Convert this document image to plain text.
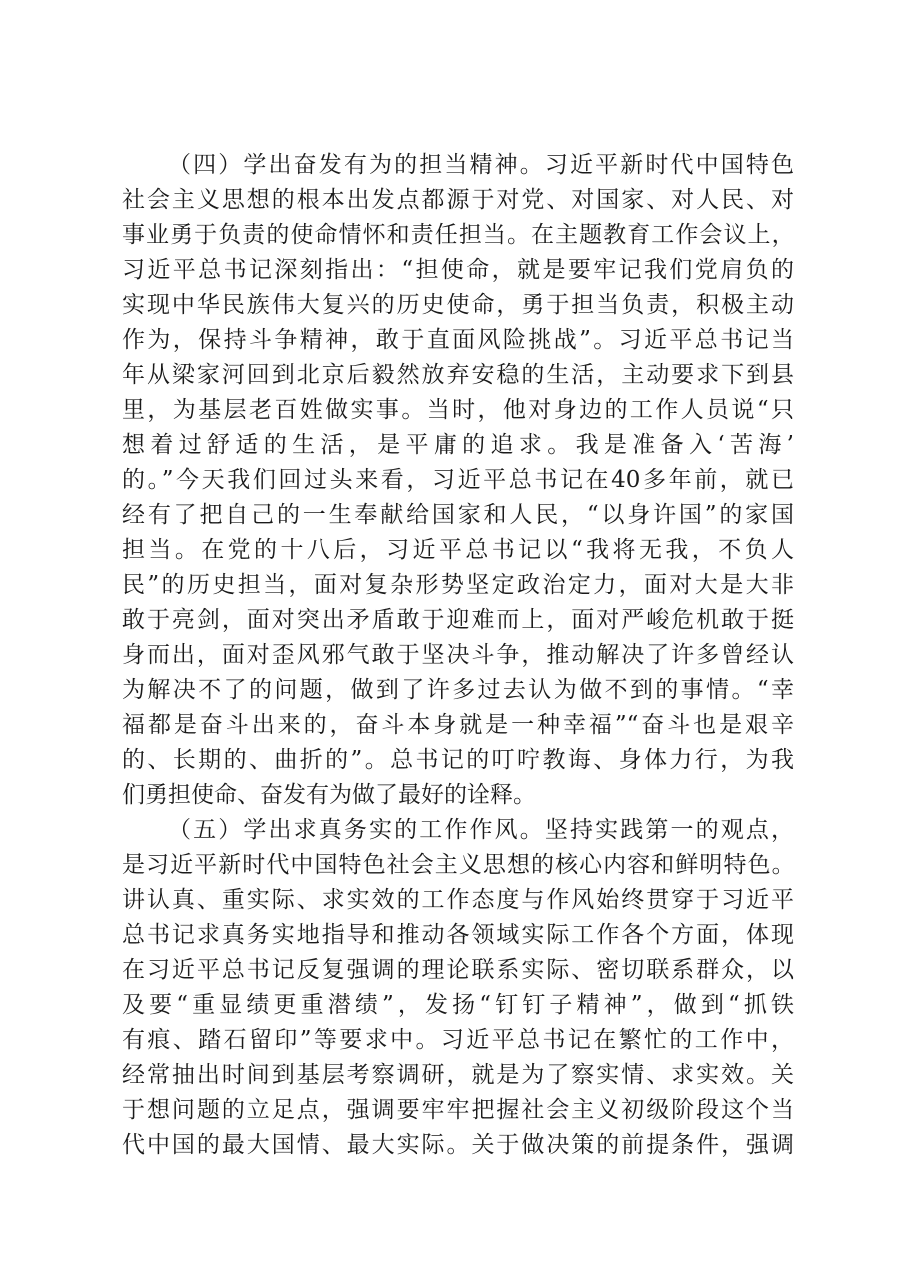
（四）学出奋发有为的担当精神。习近平新时代中国特色
社会主义思想的根本出发点都源于对党、对国家、对人民、对
事业勇于负责的使命情怀和责任担当。在主题教育工作会议上，
习近平总书记深刻指出：“担使命，就是要牢记我们党肩负的
实现中华民族伟大复兴的历史使命，勇于担当负责，积极主动
作为，保持斗争精神，敢于直面风险挑战”。习近平总书记当
年从梁家河回到北京后毅然放弃安稳的生活，主动要求下到县
里，为基层老百姓做实事。当时，他对身边的工作人员说“只
想着过舒适的生活，是平庸的追求。我是准备入‘苦海’
的。”今天我们回过头来看，习近平总书记在40多年前，就已
经有了把自己的一生奉献给国家和人民，“以身许国”的家国
担当。在党的十八后，习近平总书记以“我将无我，不负人
民”的历史担当，面对复杂形势坚定政治定力，面对大是大非
敢于亮剑，面对突出矛盾敢于迎难而上，面对严峻危机敢于挺
身而出，面对歪风邪气敢于坚决斗争，推动解决了许多曾经认
为解决不了的问题，做到了许多过去认为做不到的事情。“幸
福都是奋斗出来的，奋斗本身就是一种幸福”“奋斗也是艰辛
的、长期的、曲折的”。总书记的叮咛教诲、身体力行，为我
们勇担使命、奋发有为做了最好的诠释。
（五）学出求真务实的工作作风。坚持实践第一的观点，
是习近平新时代中国特色社会主义思想的核心内容和鲜明特色。
讲认真、重实际、求实效的工作态度与作风始终贯穿于习近平
总书记求真务实地指导和推动各领域实际工作各个方面，体现
在习近平总书记反复强调的理论联系实际、密切联系群众，以
及要“重显绩更重潜绩”，发扬“钉钉子精神”，做到“抓铁
有痕、踏石留印”等要求中。习近平总书记在繁忙的工作中，
经常抽出时间到基层考察调研，就是为了察实情、求实效。关
于想问题的立足点，强调要牢牢把握社会主义初级阶段这个当
代中国的最大国情、最大实际。关于做决策的前提条件，强调
